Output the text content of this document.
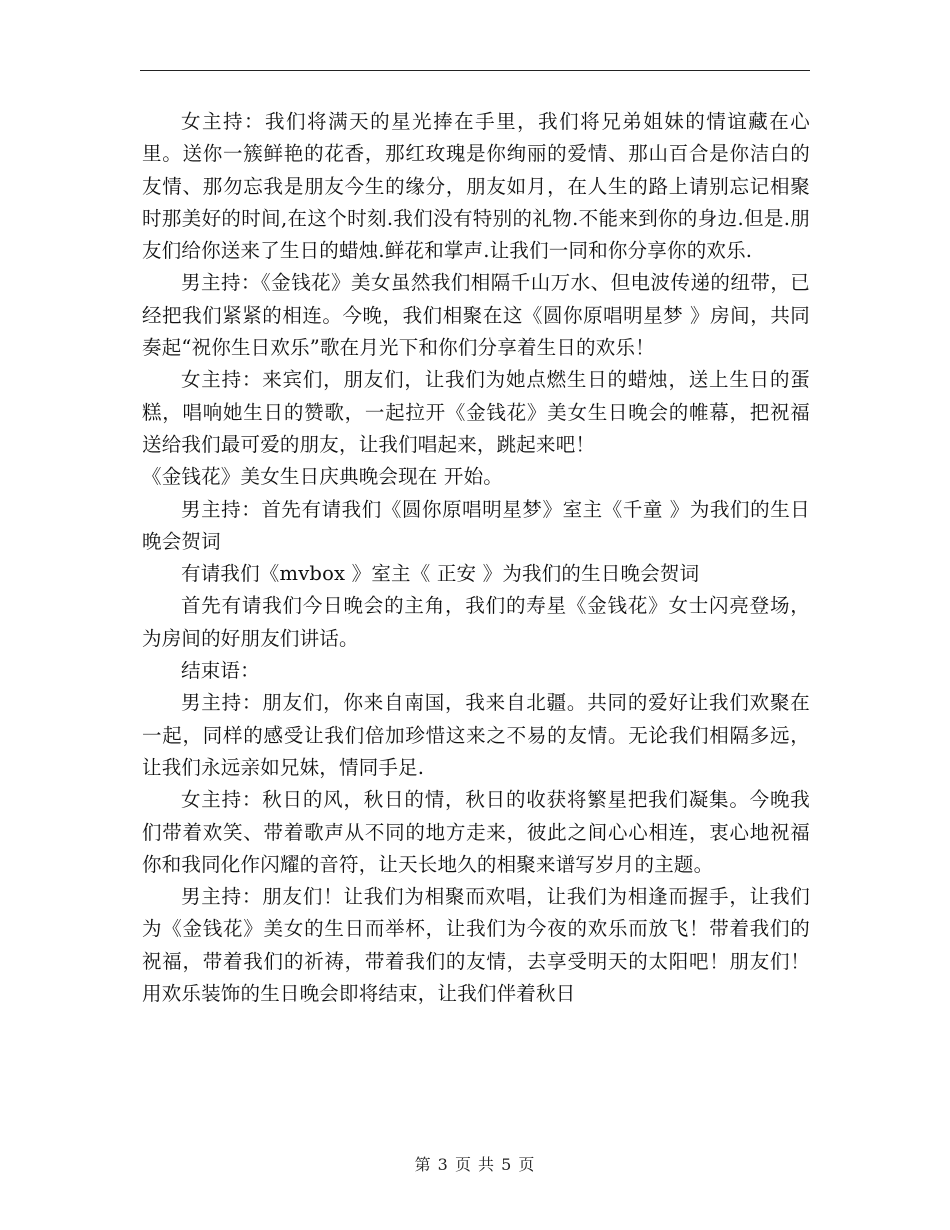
女主持：我们将满天的星光捧在手里，我们将兄弟姐妹的情谊藏在心里。送你一簇鲜艳的花香，那红玫瑰是你绚丽的爱情、那山百合是你洁白的友情、那勿忘我是朋友今生的缘分，朋友如月，在人生的路上请别忘记相聚时那美好的时间,在这个时刻.我们没有特别的礼物.不能来到你的身边.但是.朋友们给你送来了生日的蜡烛.鲜花和掌声.让我们一同和你分享你的欢乐.

男主持：《金钱花》美女虽然我们相隔千山万水、但电波传递的纽带，已经把我们紧紧的相连。今晚，我们相聚在这《圆你原唱明星梦 》房间，共同奏起“祝你生日欢乐”歌在月光下和你们分享着生日的欢乐！

女主持：来宾们，朋友们，让我们为她点燃生日的蜡烛，送上生日的蛋糕，唱响她生日的赞歌，一起拉开《金钱花》美女生日晚会的帷幕，把祝福送给我们最可爱的朋友，让我们唱起来，跳起来吧！

《金钱花》美女生日庆典晚会现在 开始。

男主持：首先有请我们《圆你原唱明星梦》室主《千童 》为我们的生日晚会贺词

有请我们《mvbox 》室主《 正安 》为我们的生日晚会贺词

首先有请我们今日晚会的主角，我们的寿星《金钱花》女士闪亮登场，为房间的好朋友们讲话。

结束语：

男主持：朋友们，你来自南国，我来自北疆。共同的爱好让我们欢聚在一起，同样的感受让我们倍加珍惜这来之不易的友情。无论我们相隔多远，让我们永远亲如兄妹，情同手足.

女主持：秋日的风，秋日的情，秋日的收获将繁星把我们凝集。今晚我们带着欢笑、带着歌声从不同的地方走来，彼此之间心心相连，衷心地祝福你和我同化作闪耀的音符，让天长地久的相聚来谱写岁月的主题。

男主持：朋友们！让我们为相聚而欢唱，让我们为相逢而握手，让我们为《金钱花》美女的生日而举杯，让我们为今夜的欢乐而放飞！带着我们的祝福，带着我们的祈祷，带着我们的友情，去享受明天的太阳吧！朋友们！用欢乐装饰的生日晚会即将结束，让我们伴着秋日

第 3 页 共 5 页
